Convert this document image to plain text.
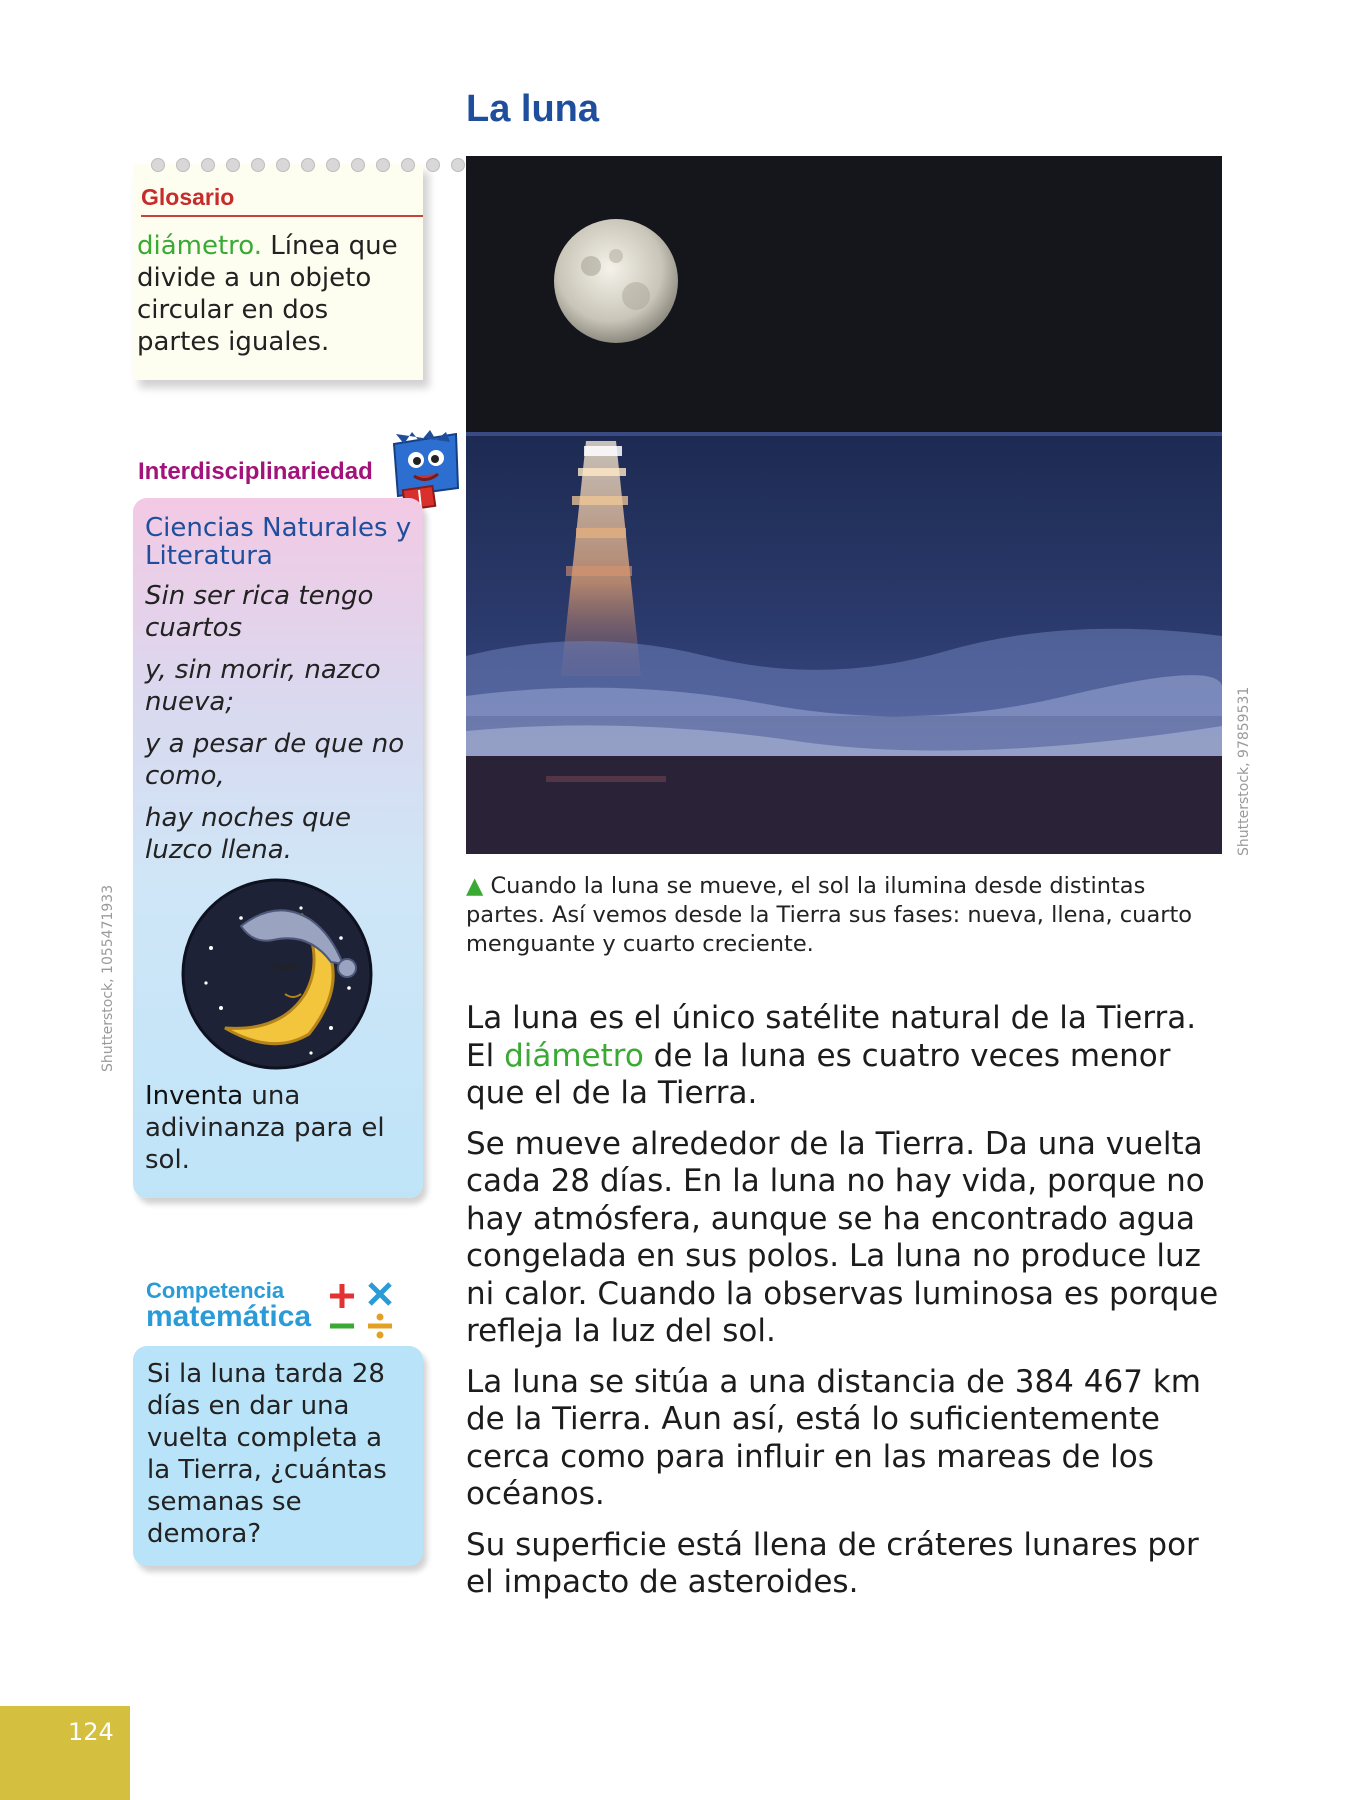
La luna
Glosario
diámetro. Línea que divide a un objeto circular en dos partes iguales.
Interdisciplinariedad
Ciencias Naturales y Literatura

Sin ser rica tengo cuartos

y, sin morir, nazco nueva;

y a pesar de que no como,

hay noches que luzco llena.

Inventa una adivinanza para el sol.
Shutterstock, 1055471933
Competencia
matemática
Si la luna tarda 28 días en dar una vuelta completa a la Tierra, ¿cuántas semanas se demora?
Shutterstock, 97859531
▲ Cuando la luna se mueve, el sol la ilumina desde distintas partes. Así vemos desde la Tierra sus fases: nueva, llena, cuarto menguante y cuarto creciente.

La luna es el único satélite natural de la Tierra. El diámetro de la luna es cuatro veces menor que el de la Tierra.

Se mueve alrededor de la Tierra. Da una vuelta cada 28 días. En la luna no hay vida, porque no hay atmósfera, aunque se ha encontrado agua congelada en sus polos. La luna no produce luz ni calor. Cuando la observas luminosa es porque refleja la luz del sol.

La luna se sitúa a una distancia de 384 467 km de la Tierra. Aun así, está lo suficientemente cerca como para influir en las mareas de los océanos.

Su superficie está llena de cráteres lunares por el impacto de asteroides.

124
